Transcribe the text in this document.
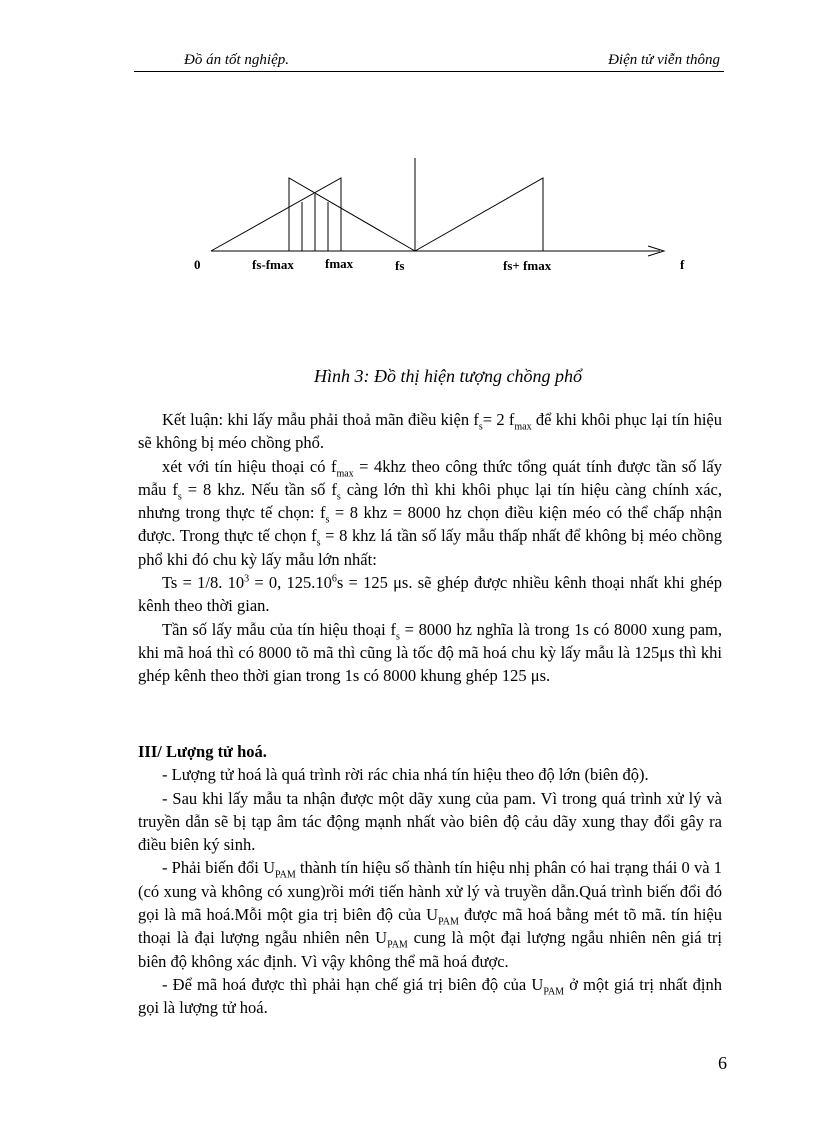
Đồ án tốt nghiệp.	Điện tử viễn thông
0	fs-fmax fmax	fs	fs+ fmax	f
Hình 3: Đồ thị hiện tượng chồng phổ

Kết luận: khi lấy mẫu phải thoả mãn điều kiện $f_s= 2$ $f_{max}$ để khi khôi phục lại tín hiệu sẽ không bị méo chồng phổ.

xét với tín hiệu thoại có $f_{max} = 4khz$ theo công thức tổng quát tính được tần số lấy mẫu $f_s = 8$ khz. Nếu tần số $f_s$ càng lớn thì khi khôi phục lại tín hiệu càng chính xác, nhưng trong thực tế chọn: $f_s = 8$ khz = 8000 hz chọn điều kiện méo có thể chấp nhận được. Trong thực tế chọn $f_s = 8$ khz lá tần số lấy mẫu thấp nhất để không bị méo chồng phổ khi đó chu kỳ lấy mẫu lớn nhất:

Ts = 1/8. $10^3 = 0$, $125.10^6s = 125$ μs. sẽ ghép được nhiều kênh thoại nhất khi ghép kênh theo thời gian.

Tần số lấy mẫu của tín hiệu thoại $f_s = 8000$ hz nghĩa là trong 1s có 8000 xung pam, khi mã hoá thì có 8000 tõ mã thì cũng là tốc độ mã hoá chu kỳ lấy mẫu là 125μs thì khi ghép kênh theo thời gian trong 1s có 8000 khung ghép 125 μs.

III/ Lượng tử hoá.

- Lượng tử hoá là quá trình rời rác chia nhá tín hiệu theo độ lớn (biên độ).

- Sau khi lấy mẫu ta nhận được một dãy xung của pam. Vì trong quá trình xử lý và truyền dẫn sẽ bị tạp âm tác động mạnh nhất vào biên độ cảu dãy xung thay đổi gây ra điều biên ký sinh.

- Phải biến đổi $U_{PAM}$ thành tín hiệu số thành tín hiệu nhị phân có hai trạng thái 0 và 1 (có xung và không có xung)rồi mới tiến hành xử lý và truyền dẫn.Quá trình biến đổi đó gọi là mã hoá.Mỗi một gia trị biên độ của $U_{PAM}$ được mã hoá bằng mét tõ mã. tín hiệu thoại là đại lượng ngẫu nhiên nên $U_{PAM}$ cung là một đại lượng ngẫu nhiên nên giá trị biên độ không xác định. Vì vậy không thể mã hoá được.

- Để mã hoá được thì phải hạn chế giá trị biên độ của $U_{PAM}$ ở một giá trị nhất định gọi là lượng tử hoá.

6
